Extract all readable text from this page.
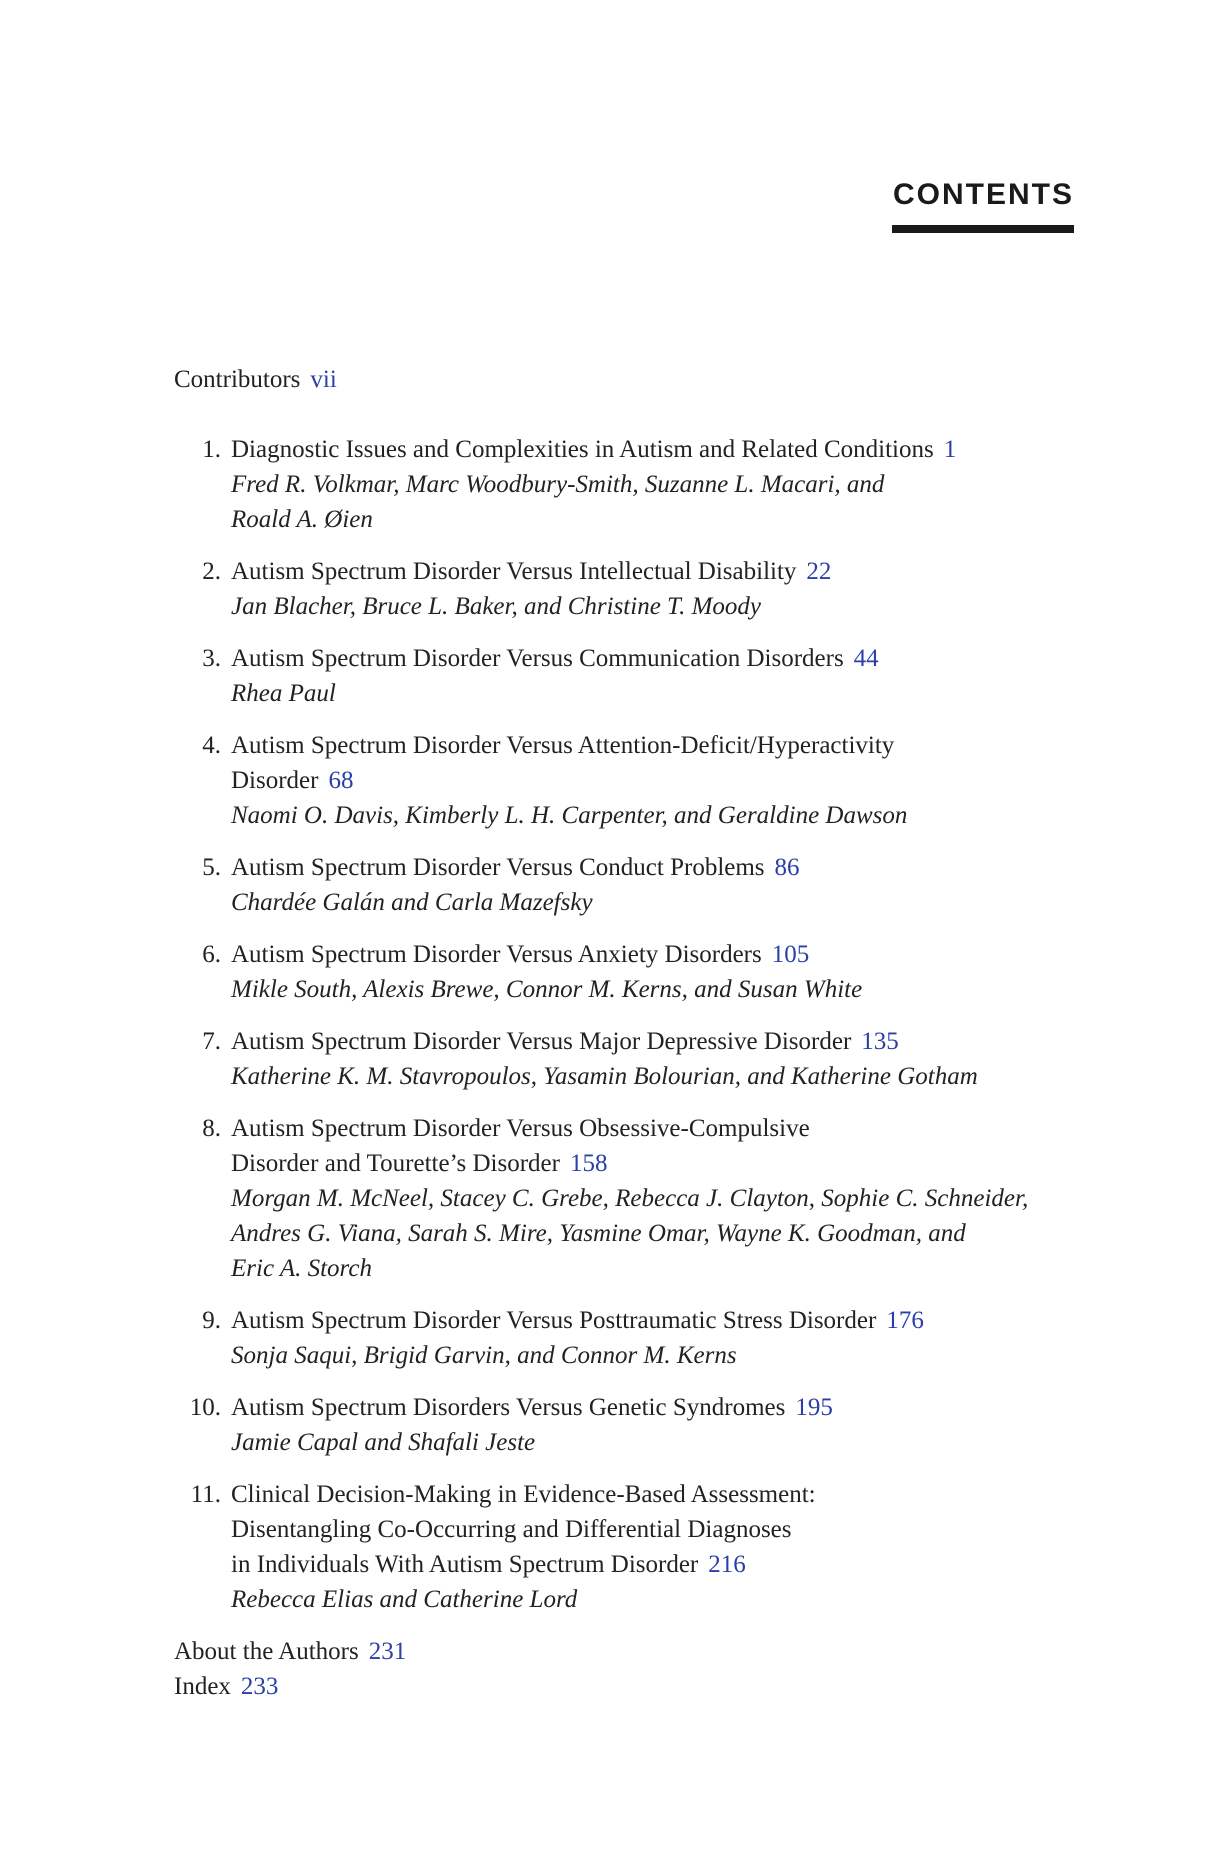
CONTENTS
Contributors vii
1. Diagnostic Issues and Complexities in Autism and Related Conditions 1
Fred R. Volkmar, Marc Woodbury-Smith, Suzanne L. Macari, and
Roald A. Øien
2. Autism Spectrum Disorder Versus Intellectual Disability 22
Jan Blacher, Bruce L. Baker, and Christine T. Moody
3. Autism Spectrum Disorder Versus Communication Disorders 44
Rhea Paul
4. Autism Spectrum Disorder Versus Attention-Deficit/Hyperactivity
Disorder 68
Naomi O. Davis, Kimberly L. H. Carpenter, and Geraldine Dawson
5. Autism Spectrum Disorder Versus Conduct Problems 86
Chardée Galán and Carla Mazefsky
6. Autism Spectrum Disorder Versus Anxiety Disorders 105
Mikle South, Alexis Brewe, Connor M. Kerns, and Susan White
7. Autism Spectrum Disorder Versus Major Depressive Disorder 135
Katherine K. M. Stavropoulos, Yasamin Bolourian, and Katherine Gotham
8. Autism Spectrum Disorder Versus Obsessive-Compulsive
Disorder and Tourette’s Disorder 158
Morgan M. McNeel, Stacey C. Grebe, Rebecca J. Clayton, Sophie C. Schneider,
Andres G. Viana, Sarah S. Mire, Yasmine Omar, Wayne K. Goodman, and
Eric A. Storch
9. Autism Spectrum Disorder Versus Posttraumatic Stress Disorder 176
Sonja Saqui, Brigid Garvin, and Connor M. Kerns
10. Autism Spectrum Disorders Versus Genetic Syndromes 195
Jamie Capal and Shafali Jeste
11. Clinical Decision-Making in Evidence-Based Assessment:
Disentangling Co-Occurring and Differential Diagnoses
in Individuals With Autism Spectrum Disorder 216
Rebecca Elias and Catherine Lord
About the Authors 231
Index 233
